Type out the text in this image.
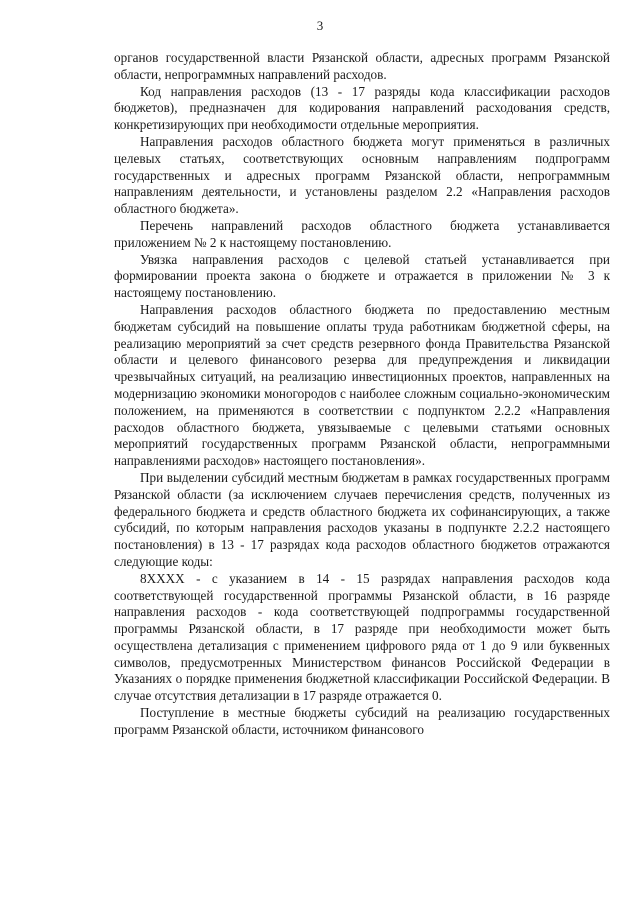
3

органов государственной власти Рязанской области, адресных программ Рязанской области, непрограммных направлений расходов.

Код направления расходов (13 - 17 разряды кода классификации расходов бюджетов), предназначен для кодирования направлений расходования средств, конкретизирующих при необходимости отдельные мероприятия.

Направления расходов областного бюджета могут применяться в различных целевых статьях, соответствующих основным направлениям подпрограмм государственных и адресных программ Рязанской области, непрограммным направлениям деятельности, и установлены разделом 2.2 «Направления расходов областного бюджета».

Перечень направлений расходов областного бюджета устанавливается приложением № 2 к настоящему постановлению.

Увязка направления расходов с целевой статьей устанавливается при формировании проекта закона о бюджете и отражается в приложении № 3 к настоящему постановлению.

Направления расходов областного бюджета по предоставлению местным бюджетам субсидий на повышение оплаты труда работникам бюджетной сферы, на реализацию мероприятий за счет средств резервного фонда Правительства Рязанской области и целевого финансового резерва для предупреждения и ликвидации чрезвычайных ситуаций, на реализацию инвестиционных проектов, направленных на модернизацию экономики моногородов с наиболее сложным социально-экономическим положением, на применяются в соответствии с подпунктом 2.2.2 «Направления расходов областного бюджета, увязываемые с целевыми статьями основных мероприятий государственных программ Рязанской области, непрограммными направлениями расходов» настоящего постановления».

При выделении субсидий местным бюджетам в рамках государственных программ Рязанской области (за исключением случаев перечисления средств, полученных из федерального бюджета и средств областного бюджета их софинансирующих, а также субсидий, по которым направления расходов указаны в подпункте 2.2.2 настоящего постановления) в 13 - 17 разрядах кода расходов областного бюджетов отражаются следующие коды:

8ХХХХ - с указанием в 14 - 15 разрядах направления расходов кода соответствующей государственной программы Рязанской области, в 16 разряде направления расходов - кода соответствующей подпрограммы государственной программы Рязанской области, в 17 разряде при необходимости может быть осуществлена детализация с применением цифрового ряда от 1 до 9 или буквенных символов, предусмотренных Министерством финансов Российской Федерации в Указаниях о порядке применения бюджетной классификации Российской Федерации. В случае отсутствия детализации в 17 разряде отражается 0.

Поступление в местные бюджеты субсидий на реализацию государственных программ Рязанской области, источником финансового
